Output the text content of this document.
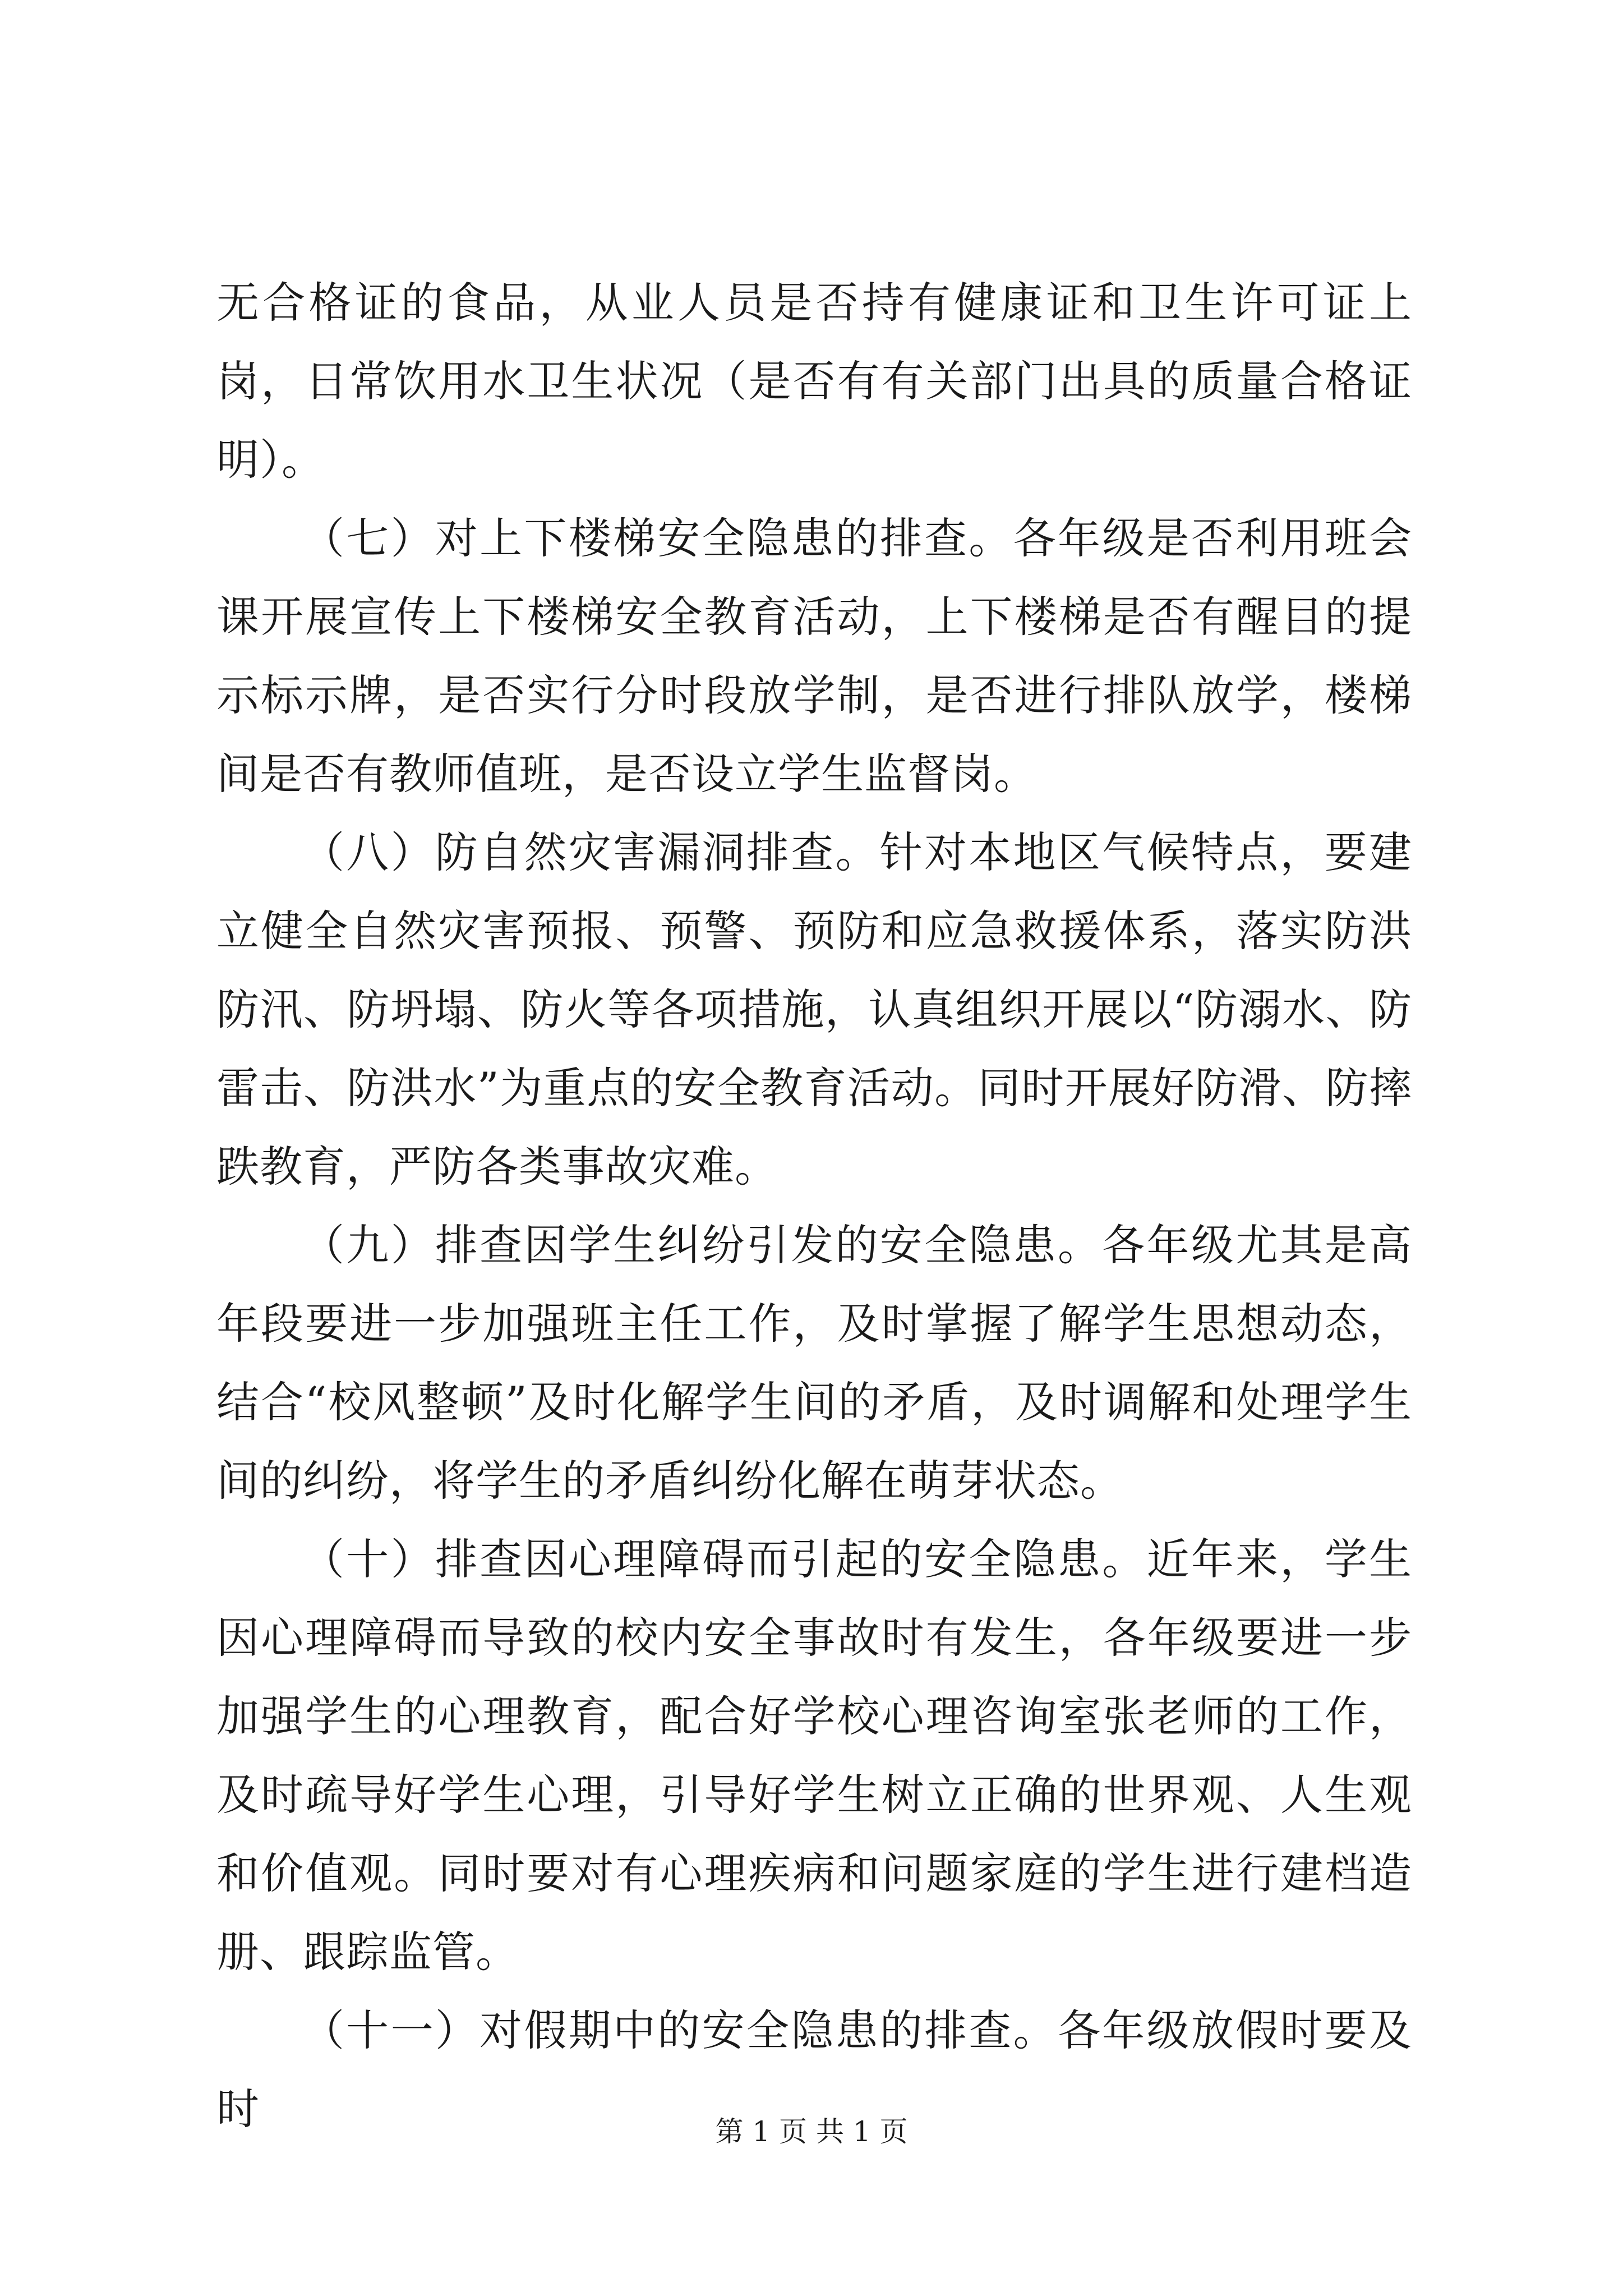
无合格证的食品，从业人员是否持有健康证和卫生许可证上岗，日常饮用水卫生状况（是否有有关部门出具的质量合格证明）。

（七）对上下楼梯安全隐患的排查。各年级是否利用班会课开展宣传上下楼梯安全教育活动，上下楼梯是否有醒目的提示标示牌，是否实行分时段放学制，是否进行排队放学，楼梯间是否有教师值班，是否设立学生监督岗。

（八）防自然灾害漏洞排查。针对本地区气候特点，要建立健全自然灾害预报、预警、预防和应急救援体系，落实防洪防汛、防坍塌、防火等各项措施，认真组织开展以“防溺水、防雷击、防洪水”为重点的安全教育活动。同时开展好防滑、防摔跌教育，严防各类事故灾难。

（九）排查因学生纠纷引发的安全隐患。各年级尤其是高年段要进一步加强班主任工作，及时掌握了解学生思想动态，结合“校风整顿”及时化解学生间的矛盾，及时调解和处理学生间的纠纷，将学生的矛盾纠纷化解在萌芽状态。

（十）排查因心理障碍而引起的安全隐患。近年来，学生因心理障碍而导致的校内安全事故时有发生，各年级要进一步加强学生的心理教育，配合好学校心理咨询室张老师的工作，及时疏导好学生心理，引导好学生树立正确的世界观、人生观和价值观。同时要对有心理疾病和问题家庭的学生进行建档造册、跟踪监管。

（十一）对假期中的安全隐患的排查。各年级放假时要及时	第 1 页 共 1 页
